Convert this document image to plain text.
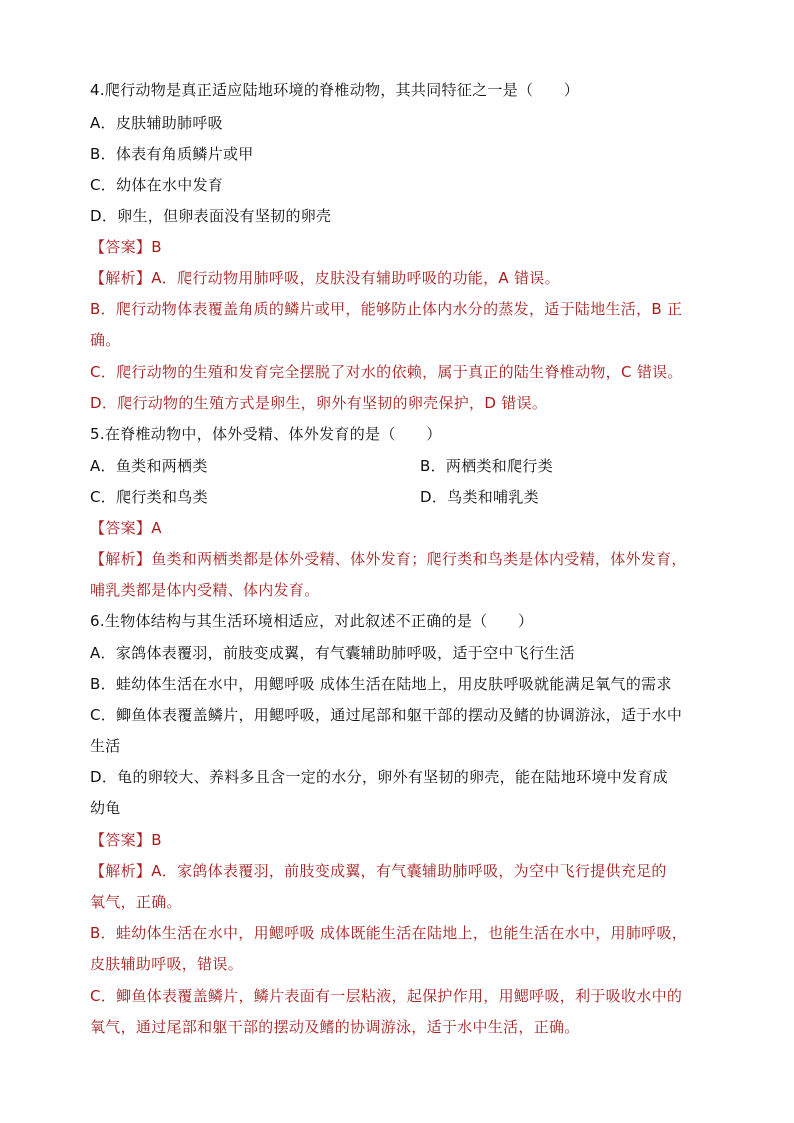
4.爬行动物是真正适应陆地环境的脊椎动物，其共同特征之一是（　　）
A．皮肤辅助肺呼吸
B．体表有角质鳞片或甲
C．幼体在水中发育
D．卵生，但卵表面没有坚韧的卵壳
【答案】B
【解析】A．爬行动物用肺呼吸，皮肤没有辅助呼吸的功能，A 错误。
B．爬行动物体表覆盖角质的鳞片或甲，能够防止体内水分的蒸发，适于陆地生活，B 正
确。
C．爬行动物的生殖和发育完全摆脱了对水的依赖，属于真正的陆生脊椎动物，C 错误。
D．爬行动物的生殖方式是卵生，卵外有坚韧的卵壳保护，D 错误。
5.在脊椎动物中，体外受精、体外发育的是（　　）
A．鱼类和两栖类	B．两栖类和爬行类
C．爬行类和鸟类	D．鸟类和哺乳类
【答案】A
【解析】鱼类和两栖类都是体外受精、体外发育；爬行类和鸟类是体内受精，体外发育，
哺乳类都是体内受精、体内发育。
6.生物体结构与其生活环境相适应，对此叙述不正确的是（　　）
A．家鸽体表覆羽，前肢变成翼，有气囊辅助肺呼吸，适于空中飞行生活
B．蛙幼体生活在水中，用鳃呼吸 成体生活在陆地上，用皮肤呼吸就能满足氧气的需求
C．鲫鱼体表覆盖鳞片，用鳃呼吸，通过尾部和躯干部的摆动及鳍的协调游泳，适于水中
生活
D．龟的卵较大、养料多且含一定的水分，卵外有坚韧的卵壳，能在陆地环境中发育成
幼龟
【答案】B
【解析】A．家鸽体表覆羽，前肢变成翼，有气囊辅助肺呼吸，为空中飞行提供充足的
氧气，正确。
B．蛙幼体生活在水中，用鳃呼吸 成体既能生活在陆地上，也能生活在水中，用肺呼吸，
皮肤辅助呼吸，错误。
C．鲫鱼体表覆盖鳞片，鳞片表面有一层粘液，起保护作用，用鳃呼吸，利于吸收水中的
氧气，通过尾部和躯干部的摆动及鳍的协调游泳，适于水中生活，正确。
